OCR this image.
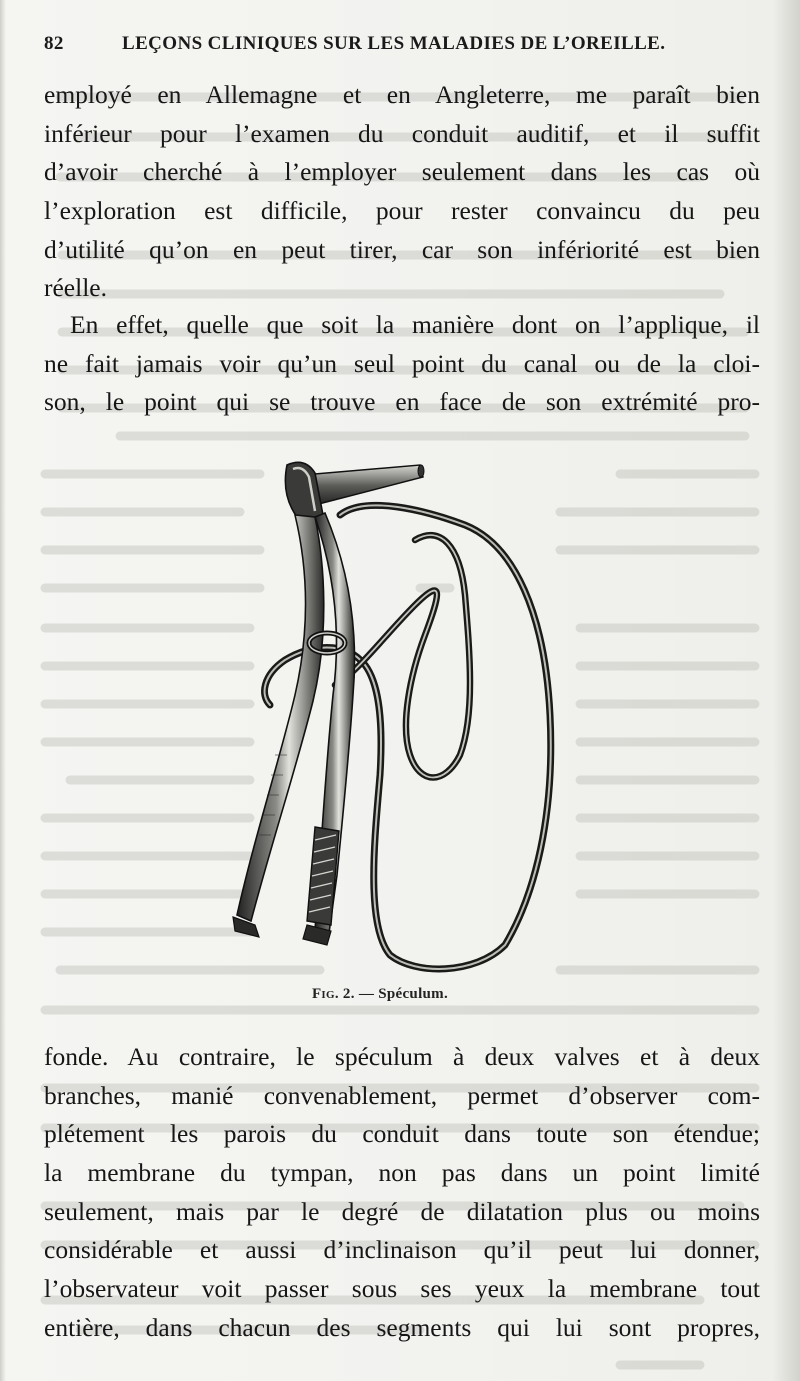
82	LEÇONS CLINIQUES SUR LES MALADIES DE L’OREILLE.
employé en Allemagne et en Angleterre, me paraît bien
inférieur pour l’examen du conduit auditif, et il suffit
d’avoir cherché à l’employer seulement dans les cas où
l’exploration est difficile, pour rester convaincu du peu
d’utilité qu’on en peut tirer, car son infériorité est bien
réelle.
En effet, quelle que soit la manière dont on l’applique, il
ne fait jamais voir qu’un seul point du canal ou de la cloi-
son, le point qui se trouve en face de son extrémité pro-
Fig. 2. — Spéculum.
fonde. Au contraire, le spéculum à deux valves et à deux
branches, manié convenablement, permet d’observer com-
plétement les parois du conduit dans toute son étendue;
la membrane du tympan, non pas dans un point limité
seulement, mais par le degré de dilatation plus ou moins
considérable et aussi d’inclinaison qu’il peut lui donner,
l’observateur voit passer sous ses yeux la membrane tout
entière, dans chacun des segments qui lui sont propres,
